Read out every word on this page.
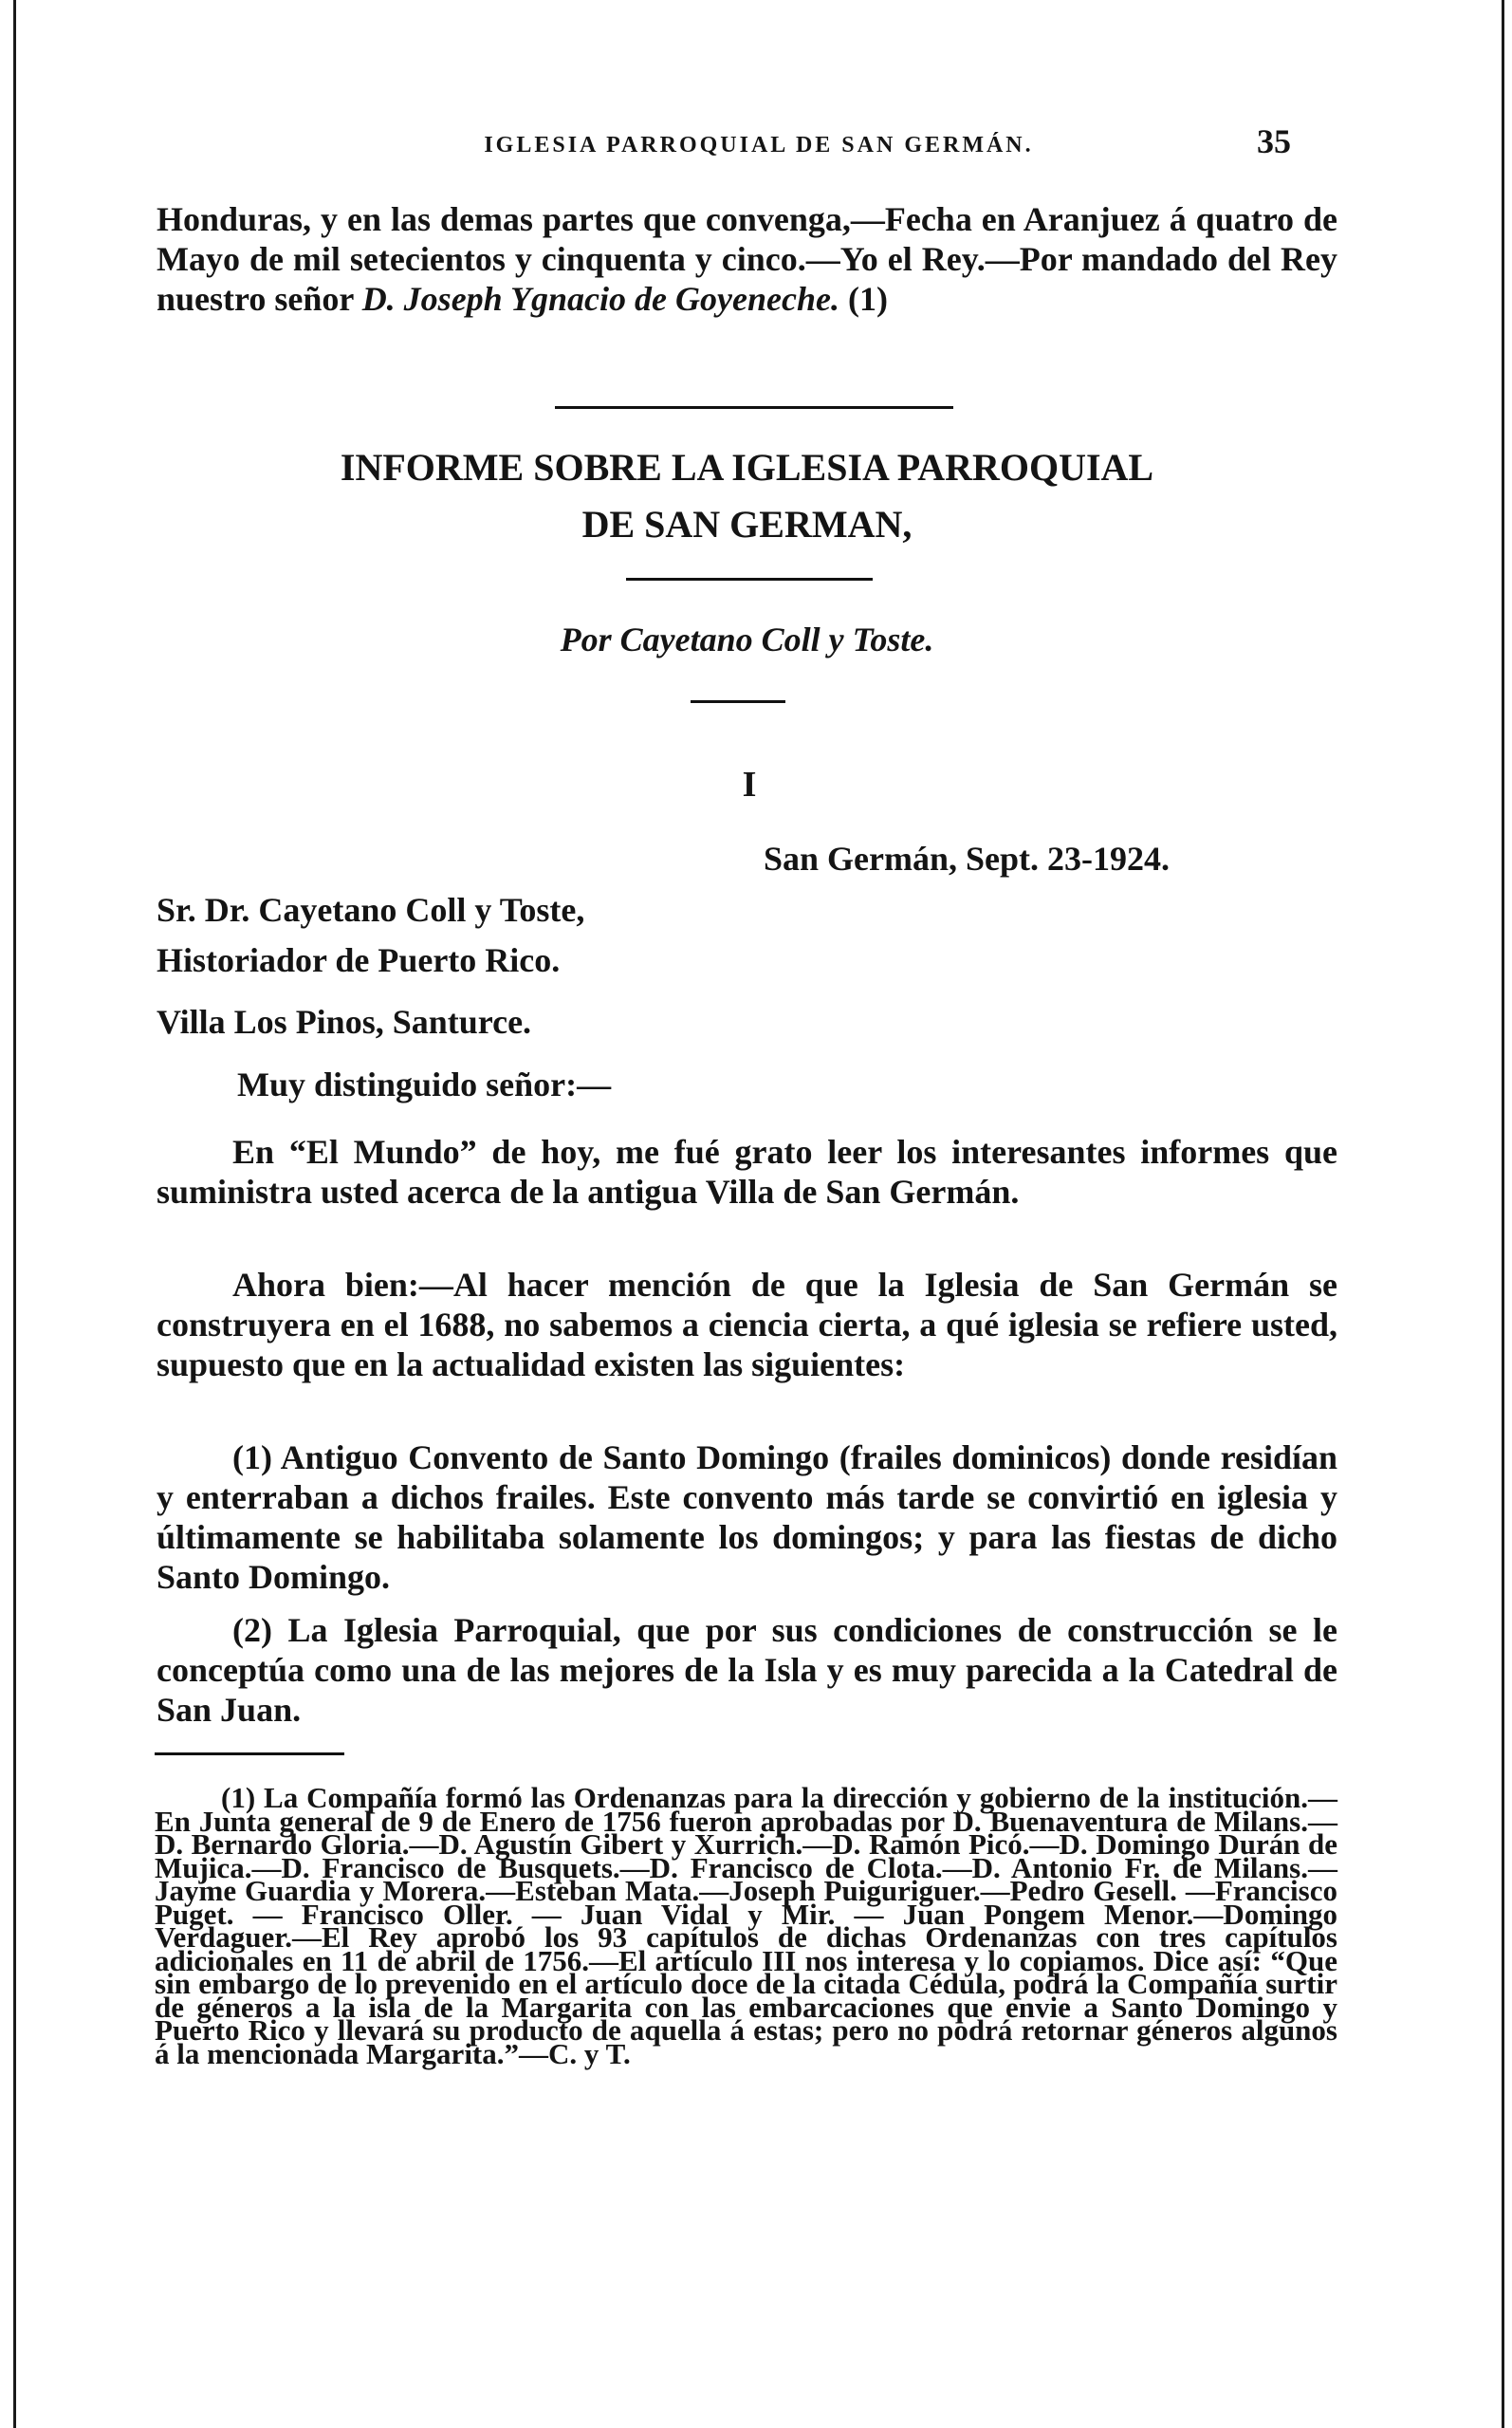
IGLESIA PARROQUIAL DE SAN GERMÁN.	35

Honduras, y en las demas partes que convenga,—Fecha en Aranjuez á quatro de Mayo de mil setecientos y cinquenta y cinco.—Yo el Rey.—Por mandado del Rey nuestro señor D. Joseph Ygnacio de Goyeneche. (1)

INFORME SOBRE LA IGLESIA PARROQUIAL

DE SAN GERMAN,

Por Cayetano Coll y Toste.

I
San Germán, Sept. 23-1924.

Sr. Dr. Cayetano Coll y Toste,

Historiador de Puerto Rico.

Villa Los Pinos, Santurce.

Muy distinguido señor:—

En “El Mundo” de hoy, me fué grato leer los interesantes informes que suministra usted acerca de la antigua Villa de San Germán.

Ahora bien:—Al hacer mención de que la Iglesia de San Germán se construyera en el 1688, no sabemos a ciencia cierta, a qué iglesia se refiere usted, supuesto que en la actualidad existen las siguientes:

(1) Antiguo Convento de Santo Domingo (frailes dominicos) donde residían y enterraban a dichos frailes. Este convento más tarde se convirtió en iglesia y últimamente se habilitaba solamente los domingos; y para las fiestas de dicho Santo Domingo.

(2) La Iglesia Parroquial, que por sus condiciones de construcción se le conceptúa como una de las mejores de la Isla y es muy parecida a la Catedral de San Juan.

(1) La Compañía formó las Ordenanzas para la dirección y gobierno de la institución.—En Junta general de 9 de Enero de 1756 fueron aprobadas por D. Buenaventura de Milans.—D. Bernardo Gloria.—D. Agustín Gibert y Xurrich.—D. Ramón Picó.—D. Domingo Durán de Mujica.—D. Francisco de Busquets.—D. Francisco de Clota.—D. Antonio Fr. de Milans.—Jayme Guardia y Morera.—Esteban Mata.—Joseph Puiguriguer.—Pedro Gesell. —Francisco Puget. — Francisco Oller. — Juan Vidal y Mir. — Juan Pongem Menor.—Domingo Verdaguer.—El Rey aprobó los 93 capítulos de dichas Ordenanzas con tres capítulos adicionales en 11 de abril de 1756.—El artículo III nos interesa y lo copiamos. Dice así: “Que sin embargo de lo prevenido en el artículo doce de la citada Cédula, podrá la Compañía surtir de géneros a la isla de la Margarita con las embarcaciones que envie a Santo Domingo y Puerto Rico y llevará su producto de aquella á estas; pero no podrá retornar géneros algunos á la mencionada Margarita.”—C. y T.
